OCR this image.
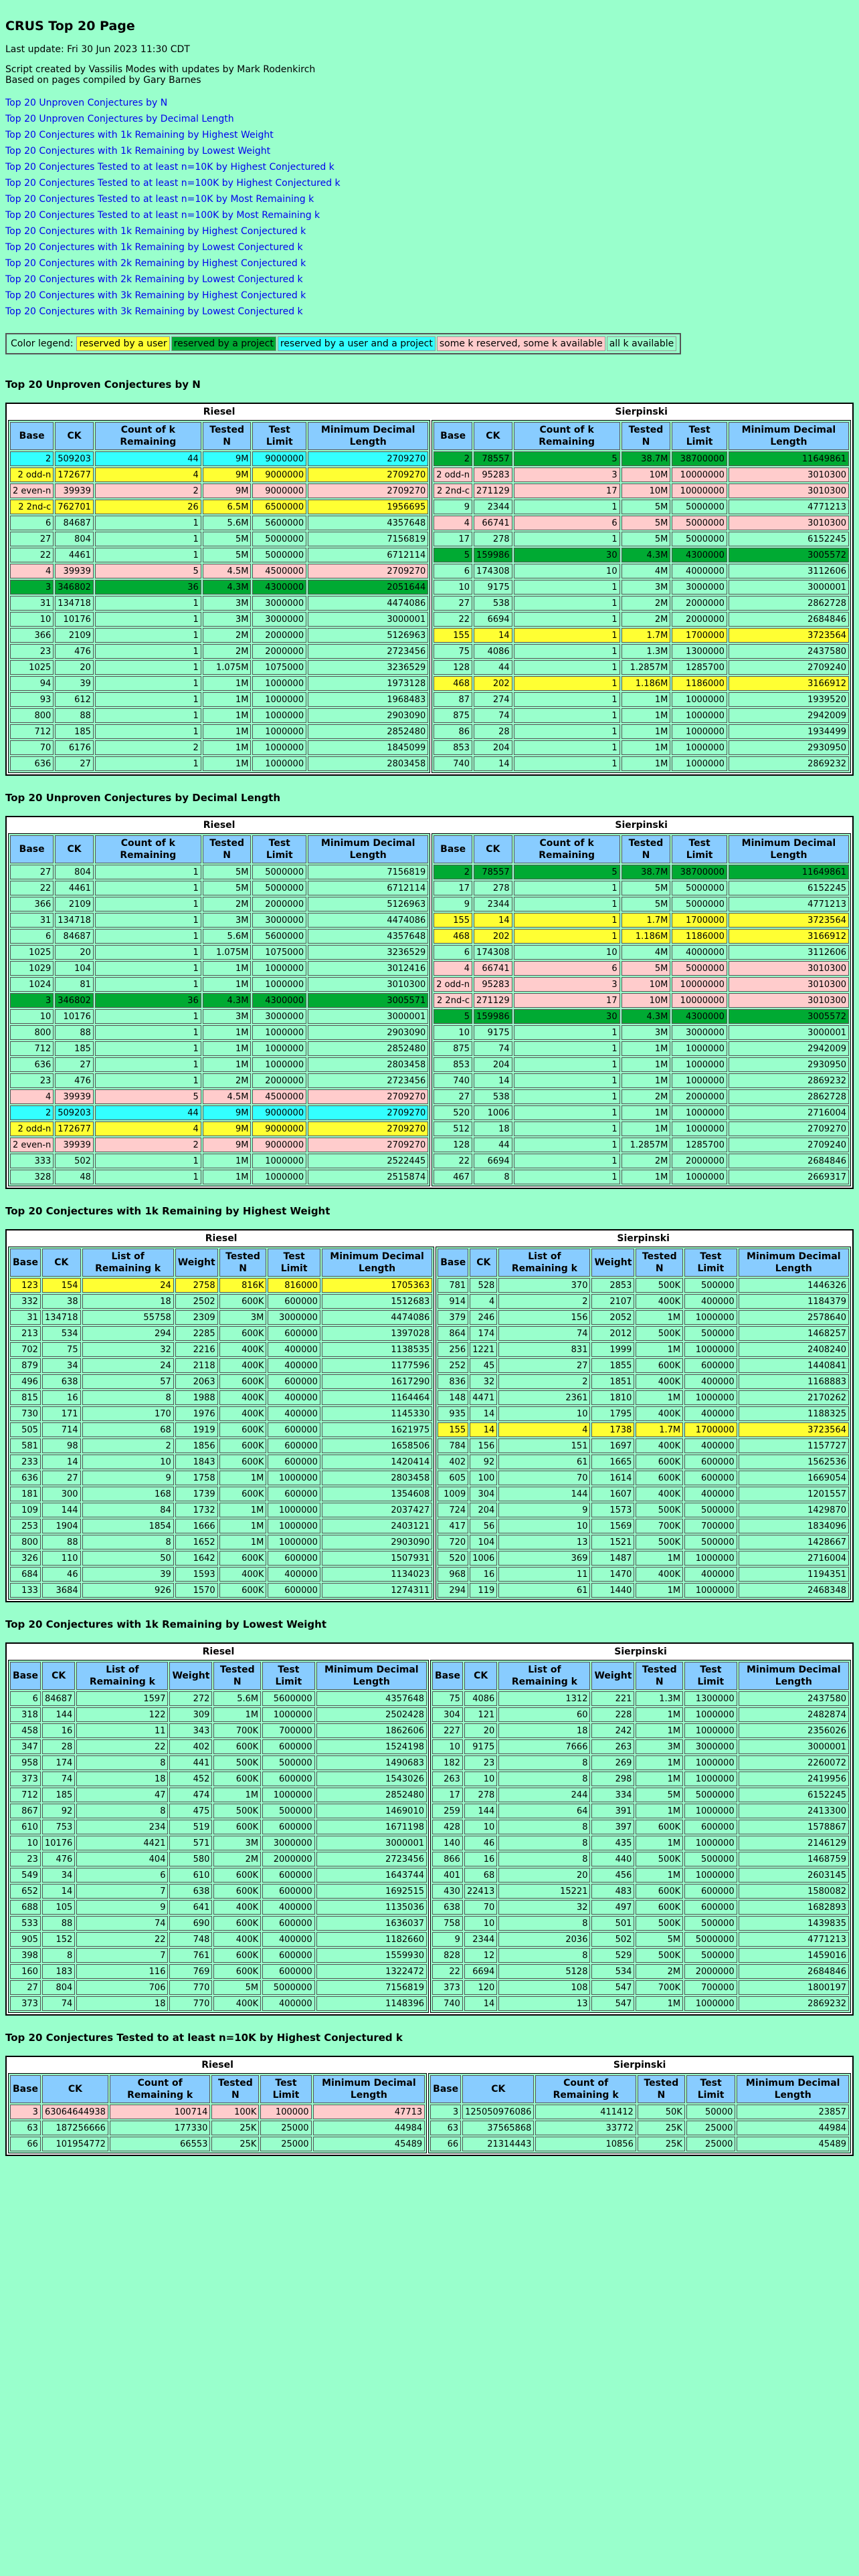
CRUS Top 20 Page

Last update: Fri 30 Jun 2023 11:30 CDT

Script created by Vassilis Modes with updates by Mark Rodenkirch
Based on pages compiled by Gary Barnes

Top 20 Unproven Conjectures by N
Top 20 Unproven Conjectures by Decimal Length
Top 20 Conjectures with 1k Remaining by Highest Weight
Top 20 Conjectures with 1k Remaining by Lowest Weight
Top 20 Conjectures Tested to at least n=10K by Highest Conjectured k
Top 20 Conjectures Tested to at least n=100K by Highest Conjectured k
Top 20 Conjectures Tested to at least n=10K by Most Remaining k
Top 20 Conjectures Tested to at least n=100K by Most Remaining k
Top 20 Conjectures with 1k Remaining by Highest Conjectured k
Top 20 Conjectures with 1k Remaining by Lowest Conjectured k
Top 20 Conjectures with 2k Remaining by Highest Conjectured k
Top 20 Conjectures with 2k Remaining by Lowest Conjectured k
Top 20 Conjectures with 3k Remaining by Highest Conjectured k
Top 20 Conjectures with 3k Remaining by Lowest Conjectured k
Color legend: reserved by a user reserved by a project reserved by a user and a project some k reserved, some k available all k available
Top 20 Unproven Conjectures by N
Riesel	Sierpinski

Base	CK	Count of k Remaining	Tested N	Test Limit	Minimum Decimal Length
2	509203	44	9M	9000000	2709270
2 odd-n	172677	4	9M	9000000	2709270
2 even-n	39939	2	9M	9000000	2709270
2 2nd-c	762701	26	6.5M	6500000	1956695
6	84687	1	5.6M	5600000	4357648
27	804	1	5M	5000000	7156819
22	4461	1	5M	5000000	6712114
4	39939	5	4.5M	4500000	2709270
3	346802	36	4.3M	4300000	2051644
31	134718	1	3M	3000000	4474086
10	10176	1	3M	3000000	3000001
366	2109	1	2M	2000000	5126963
23	476	1	2M	2000000	2723456
1025	20	1	1.075M	1075000	3236529
94	39	1	1M	1000000	1973128
93	612	1	1M	1000000	1968483
800	88	1	1M	1000000	2903090
712	185	1	1M	1000000	2852480
70	6176	2	1M	1000000	1845099
636	27	1	1M	1000000	2803458

Base	CK	Count of k Remaining	Tested N	Test Limit	Minimum Decimal Length
2	78557	5	38.7M	38700000	11649861
2 odd-n	95283	3	10M	10000000	3010300
2 2nd-c	271129	17	10M	10000000	3010300
9	2344	1	5M	5000000	4771213
4	66741	6	5M	5000000	3010300
17	278	1	5M	5000000	6152245
5	159986	30	4.3M	4300000	3005572
6	174308	10	4M	4000000	3112606
10	9175	1	3M	3000000	3000001
27	538	1	2M	2000000	2862728
22	6694	1	2M	2000000	2684846
155	14	1	1.7M	1700000	3723564
75	4086	1	1.3M	1300000	2437580
128	44	1	1.2857M	1285700	2709240
468	202	1	1.186M	1186000	3166912
87	274	1	1M	1000000	1939520
875	74	1	1M	1000000	2942009
86	28	1	1M	1000000	1934499
853	204	1	1M	1000000	2930950
740	14	1	1M	1000000	2869232
Top 20 Unproven Conjectures by Decimal Length
Riesel	Sierpinski

Base	CK	Count of k Remaining	Tested N	Test Limit	Minimum Decimal Length
27	804	1	5M	5000000	7156819
22	4461	1	5M	5000000	6712114
366	2109	1	2M	2000000	5126963
31	134718	1	3M	3000000	4474086
6	84687	1	5.6M	5600000	4357648
1025	20	1	1.075M	1075000	3236529
1029	104	1	1M	1000000	3012416
1024	81	1	1M	1000000	3010300
3	346802	36	4.3M	4300000	3005571
10	10176	1	3M	3000000	3000001
800	88	1	1M	1000000	2903090
712	185	1	1M	1000000	2852480
636	27	1	1M	1000000	2803458
23	476	1	2M	2000000	2723456
4	39939	5	4.5M	4500000	2709270
2	509203	44	9M	9000000	2709270
2 odd-n	172677	4	9M	9000000	2709270
2 even-n	39939	2	9M	9000000	2709270
333	502	1	1M	1000000	2522445
328	48	1	1M	1000000	2515874

Base	CK	Count of k Remaining	Tested N	Test Limit	Minimum Decimal Length
2	78557	5	38.7M	38700000	11649861
17	278	1	5M	5000000	6152245
9	2344	1	5M	5000000	4771213
155	14	1	1.7M	1700000	3723564
468	202	1	1.186M	1186000	3166912
6	174308	10	4M	4000000	3112606
4	66741	6	5M	5000000	3010300
2 odd-n	95283	3	10M	10000000	3010300
2 2nd-c	271129	17	10M	10000000	3010300
5	159986	30	4.3M	4300000	3005572
10	9175	1	3M	3000000	3000001
875	74	1	1M	1000000	2942009
853	204	1	1M	1000000	2930950
740	14	1	1M	1000000	2869232
27	538	1	2M	2000000	2862728
520	1006	1	1M	1000000	2716004
512	18	1	1M	1000000	2709270
128	44	1	1.2857M	1285700	2709240
22	6694	1	2M	2000000	2684846
467	8	1	1M	1000000	2669317
Top 20 Conjectures with 1k Remaining by Highest Weight
Riesel	Sierpinski

Base	CK	List of Remaining k	Weight	Tested N	Test Limit	Minimum Decimal Length
123	154	24	2758	816K	816000	1705363
332	38	18	2502	600K	600000	1512683
31	134718	55758	2309	3M	3000000	4474086
213	534	294	2285	600K	600000	1397028
702	75	32	2216	400K	400000	1138535
879	34	24	2118	400K	400000	1177596
496	638	57	2063	600K	600000	1617290
815	16	8	1988	400K	400000	1164464
730	171	170	1976	400K	400000	1145330
505	714	68	1919	600K	600000	1621975
581	98	2	1856	600K	600000	1658506
233	14	10	1843	600K	600000	1420414
636	27	9	1758	1M	1000000	2803458
181	300	168	1739	600K	600000	1354608
109	144	84	1732	1M	1000000	2037427
253	1904	1854	1666	1M	1000000	2403121
800	88	8	1652	1M	1000000	2903090
326	110	50	1642	600K	600000	1507931
684	46	39	1593	400K	400000	1134023
133	3684	926	1570	600K	600000	1274311

Base	CK	List of Remaining k	Weight	Tested N	Test Limit	Minimum Decimal Length
781	528	370	2853	500K	500000	1446326
914	4	2	2107	400K	400000	1184379
379	246	156	2052	1M	1000000	2578640
864	174	74	2012	500K	500000	1468257
256	1221	831	1999	1M	1000000	2408240
252	45	27	1855	600K	600000	1440841
836	32	2	1851	400K	400000	1168883
148	4471	2361	1810	1M	1000000	2170262
935	14	10	1795	400K	400000	1188325
155	14	4	1738	1.7M	1700000	3723564
784	156	151	1697	400K	400000	1157727
402	92	61	1665	600K	600000	1562536
605	100	70	1614	600K	600000	1669054
1009	304	144	1607	400K	400000	1201557
724	204	9	1573	500K	500000	1429870
417	56	10	1569	700K	700000	1834096
720	104	13	1521	500K	500000	1428667
520	1006	369	1487	1M	1000000	2716004
968	16	11	1470	400K	400000	1194351
294	119	61	1440	1M	1000000	2468348
Top 20 Conjectures with 1k Remaining by Lowest Weight
Riesel	Sierpinski

Base	CK	List of Remaining k	Weight	Tested N	Test Limit	Minimum Decimal Length
6	84687	1597	272	5.6M	5600000	4357648
318	144	122	309	1M	1000000	2502428
458	16	11	343	700K	700000	1862606
347	28	22	402	600K	600000	1524198
958	174	8	441	500K	500000	1490683
373	74	18	452	600K	600000	1543026
712	185	47	474	1M	1000000	2852480
867	92	8	475	500K	500000	1469010
610	753	234	519	600K	600000	1671198
10	10176	4421	571	3M	3000000	3000001
23	476	404	580	2M	2000000	2723456
549	34	6	610	600K	600000	1643744
652	14	7	638	600K	600000	1692515
688	105	9	641	400K	400000	1135036
533	88	74	690	600K	600000	1636037
905	152	22	748	400K	400000	1182660
398	8	7	761	600K	600000	1559930
160	183	116	769	600K	600000	1322472
27	804	706	770	5M	5000000	7156819
373	74	18	770	400K	400000	1148396

Base	CK	List of Remaining k	Weight	Tested N	Test Limit	Minimum Decimal Length
75	4086	1312	221	1.3M	1300000	2437580
304	121	60	228	1M	1000000	2482874
227	20	18	242	1M	1000000	2356026
10	9175	7666	263	3M	3000000	3000001
182	23	8	269	1M	1000000	2260072
263	10	8	298	1M	1000000	2419956
17	278	244	334	5M	5000000	6152245
259	144	64	391	1M	1000000	2413300
428	10	8	397	600K	600000	1578867
140	46	8	435	1M	1000000	2146129
866	16	8	440	500K	500000	1468759
401	68	20	456	1M	1000000	2603145
430	22413	15221	483	600K	600000	1580082
638	70	32	497	600K	600000	1682893
758	10	8	501	500K	500000	1439835
9	2344	2036	502	5M	5000000	4771213
828	12	8	529	500K	500000	1459016
22	6694	5128	534	2M	2000000	2684846
373	120	108	547	700K	700000	1800197
740	14	13	547	1M	1000000	2869232
Top 20 Conjectures Tested to at least n=10K by Highest Conjectured k
Riesel	Sierpinski

Base	CK	Count of Remaining k	Tested N	Test Limit	Minimum Decimal Length
3	63064644938	100714	100K	100000	47713
63	187256666	177330	25K	25000	44984
66	101954772	66553	25K	25000	45489

Base	CK	Count of Remaining k	Tested N	Test Limit	Minimum Decimal Length
3	125050976086	411412	50K	50000	23857
63	37565868	33772	25K	25000	44984
66	21314443	10856	25K	25000	45489
